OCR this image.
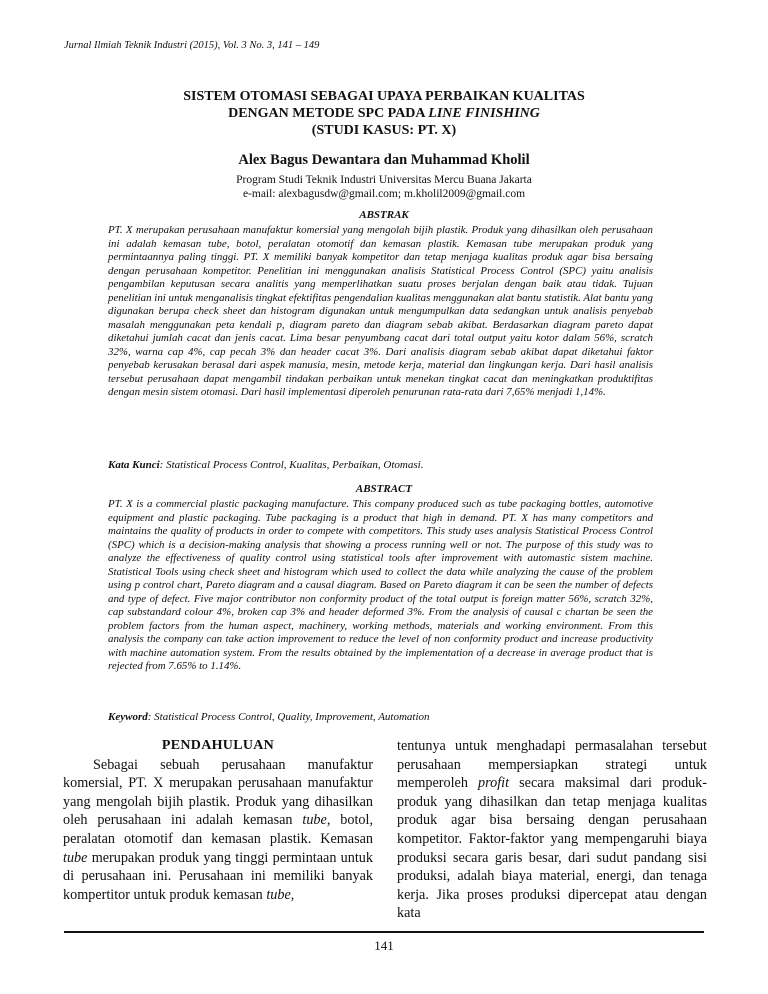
Jurnal Ilmiah Teknik Industri (2015), Vol. 3 No. 3, 141 – 149
SISTEM OTOMASI SEBAGAI UPAYA PERBAIKAN KUALITAS
DENGAN METODE SPC PADA LINE FINISHING
(STUDI KASUS: PT. X)
Alex Bagus Dewantara dan Muhammad Kholil
Program Studi Teknik Industri Universitas Mercu Buana Jakarta
e-mail: alexbagusdw@gmail.com; m.kholil2009@gmail.com
ABSTRAK
PT. X merupakan perusahaan manufaktur komersial yang mengolah bijih plastik. Produk yang dihasilkan oleh perusahaan ini adalah kemasan tube, botol, peralatan otomotif dan kemasan plastik. Kemasan tube merupakan produk yang permintaannya paling tinggi. PT. X memiliki banyak kompetitor dan tetap menjaga kualitas produk agar bisa bersaing dengan perusahaan kompetitor. Penelitian ini menggunakan analisis Statistical Process Control (SPC) yaitu analisis pengambilan keputusan secara analitis yang memperlihatkan suatu proses berjalan dengan baik atau tidak. Tujuan penelitian ini untuk menganalisis tingkat efektifitas pengendalian kualitas menggunakan alat bantu statistik. Alat bantu yang digunakan berupa check sheet dan histogram digunakan untuk mengumpulkan data sedangkan untuk analisis penyebab masalah menggunakan peta kendali p, diagram pareto dan diagram sebab akibat. Berdasarkan diagram pareto dapat diketahui jumlah cacat dan jenis cacat. Lima besar penyumbang cacat dari total output yaitu kotor dalam 56%, scratch 32%, warna cap 4%, cap pecah 3% dan header cacat 3%. Dari analisis diagram sebab akibat dapat diketahui faktor penyebab kerusakan berasal dari aspek manusia, mesin, metode kerja, material dan lingkungan kerja. Dari hasil analisis tersebut perusahaan dapat mengambil tindakan perbaikan untuk menekan tingkat cacat dan meningkatkan produktifitas dengan mesin sistem otomasi. Dari hasil implementasi diperoleh penurunan rata-rata dari 7,65% menjadi 1,14%.
Kata Kunci: Statistical Process Control, Kualitas, Perbaikan, Otomasi.
ABSTRACT
PT. X is a commercial plastic packaging manufacture. This company produced such as tube packaging bottles, automotive equipment and plastic packaging. Tube packaging is a product that high in demand. PT. X has many competitors and maintains the quality of products in order to compete with competitors. This study uses analysis Statistical Process Control (SPC) which is a decision-making analysis that showing a process running well or not. The purpose of this study was to analyze the effectiveness of quality control using statistical tools after improvement with automastic sistem machine. Statistical Tools using check sheet and histogram which used to collect the data while analyzing the cause of the problem using p control chart, Pareto diagram and a causal diagram. Based on Pareto diagram it can be seen the number of defects and type of defect. Five major contributor non conformity product of the total output is foreign matter 56%, scratch 32%, cap substandard colour 4%, broken cap 3% and header deformed 3%. From the analysis of causal c chartan be seen the problem factors from the human aspect, machinery, working methods, materials and working environment. From this analysis the company can take action improvement to reduce the level of non conformity product and increase productivity with machine automation system. From the results obtained by the implementation of a decrease in average product that is rejected from 7.65% to 1.14%.
Keyword: Statistical Process Control, Quality, Improvement, Automation

PENDAHULUAN

Sebagai sebuah perusahaan manufaktur komersial, PT. X merupakan perusahaan manufaktur yang mengolah bijih plastik. Produk yang dihasilkan oleh perusahaan ini adalah kemasan tube, botol, peralatan otomotif dan kemasan plastik. Kemasan tube merupakan produk yang tinggi permintaan untuk di perusahaan ini. Perusahaan ini memiliki banyak kompertitor untuk produk kemasan tube,

tentunya untuk menghadapi permasalahan tersebut perusahaan mempersiapkan strategi untuk memperoleh profit secara maksimal dari produk-produk yang dihasilkan dan tetap menjaga kualitas produk agar bisa bersaing dengan perusahaan kompetitor. Faktor-faktor yang mempengaruhi biaya produksi secara garis besar, dari sudut pandang sisi produksi, adalah biaya material, energi, dan tenaga kerja. Jika proses produksi dipercepat atau dengan kata

141
